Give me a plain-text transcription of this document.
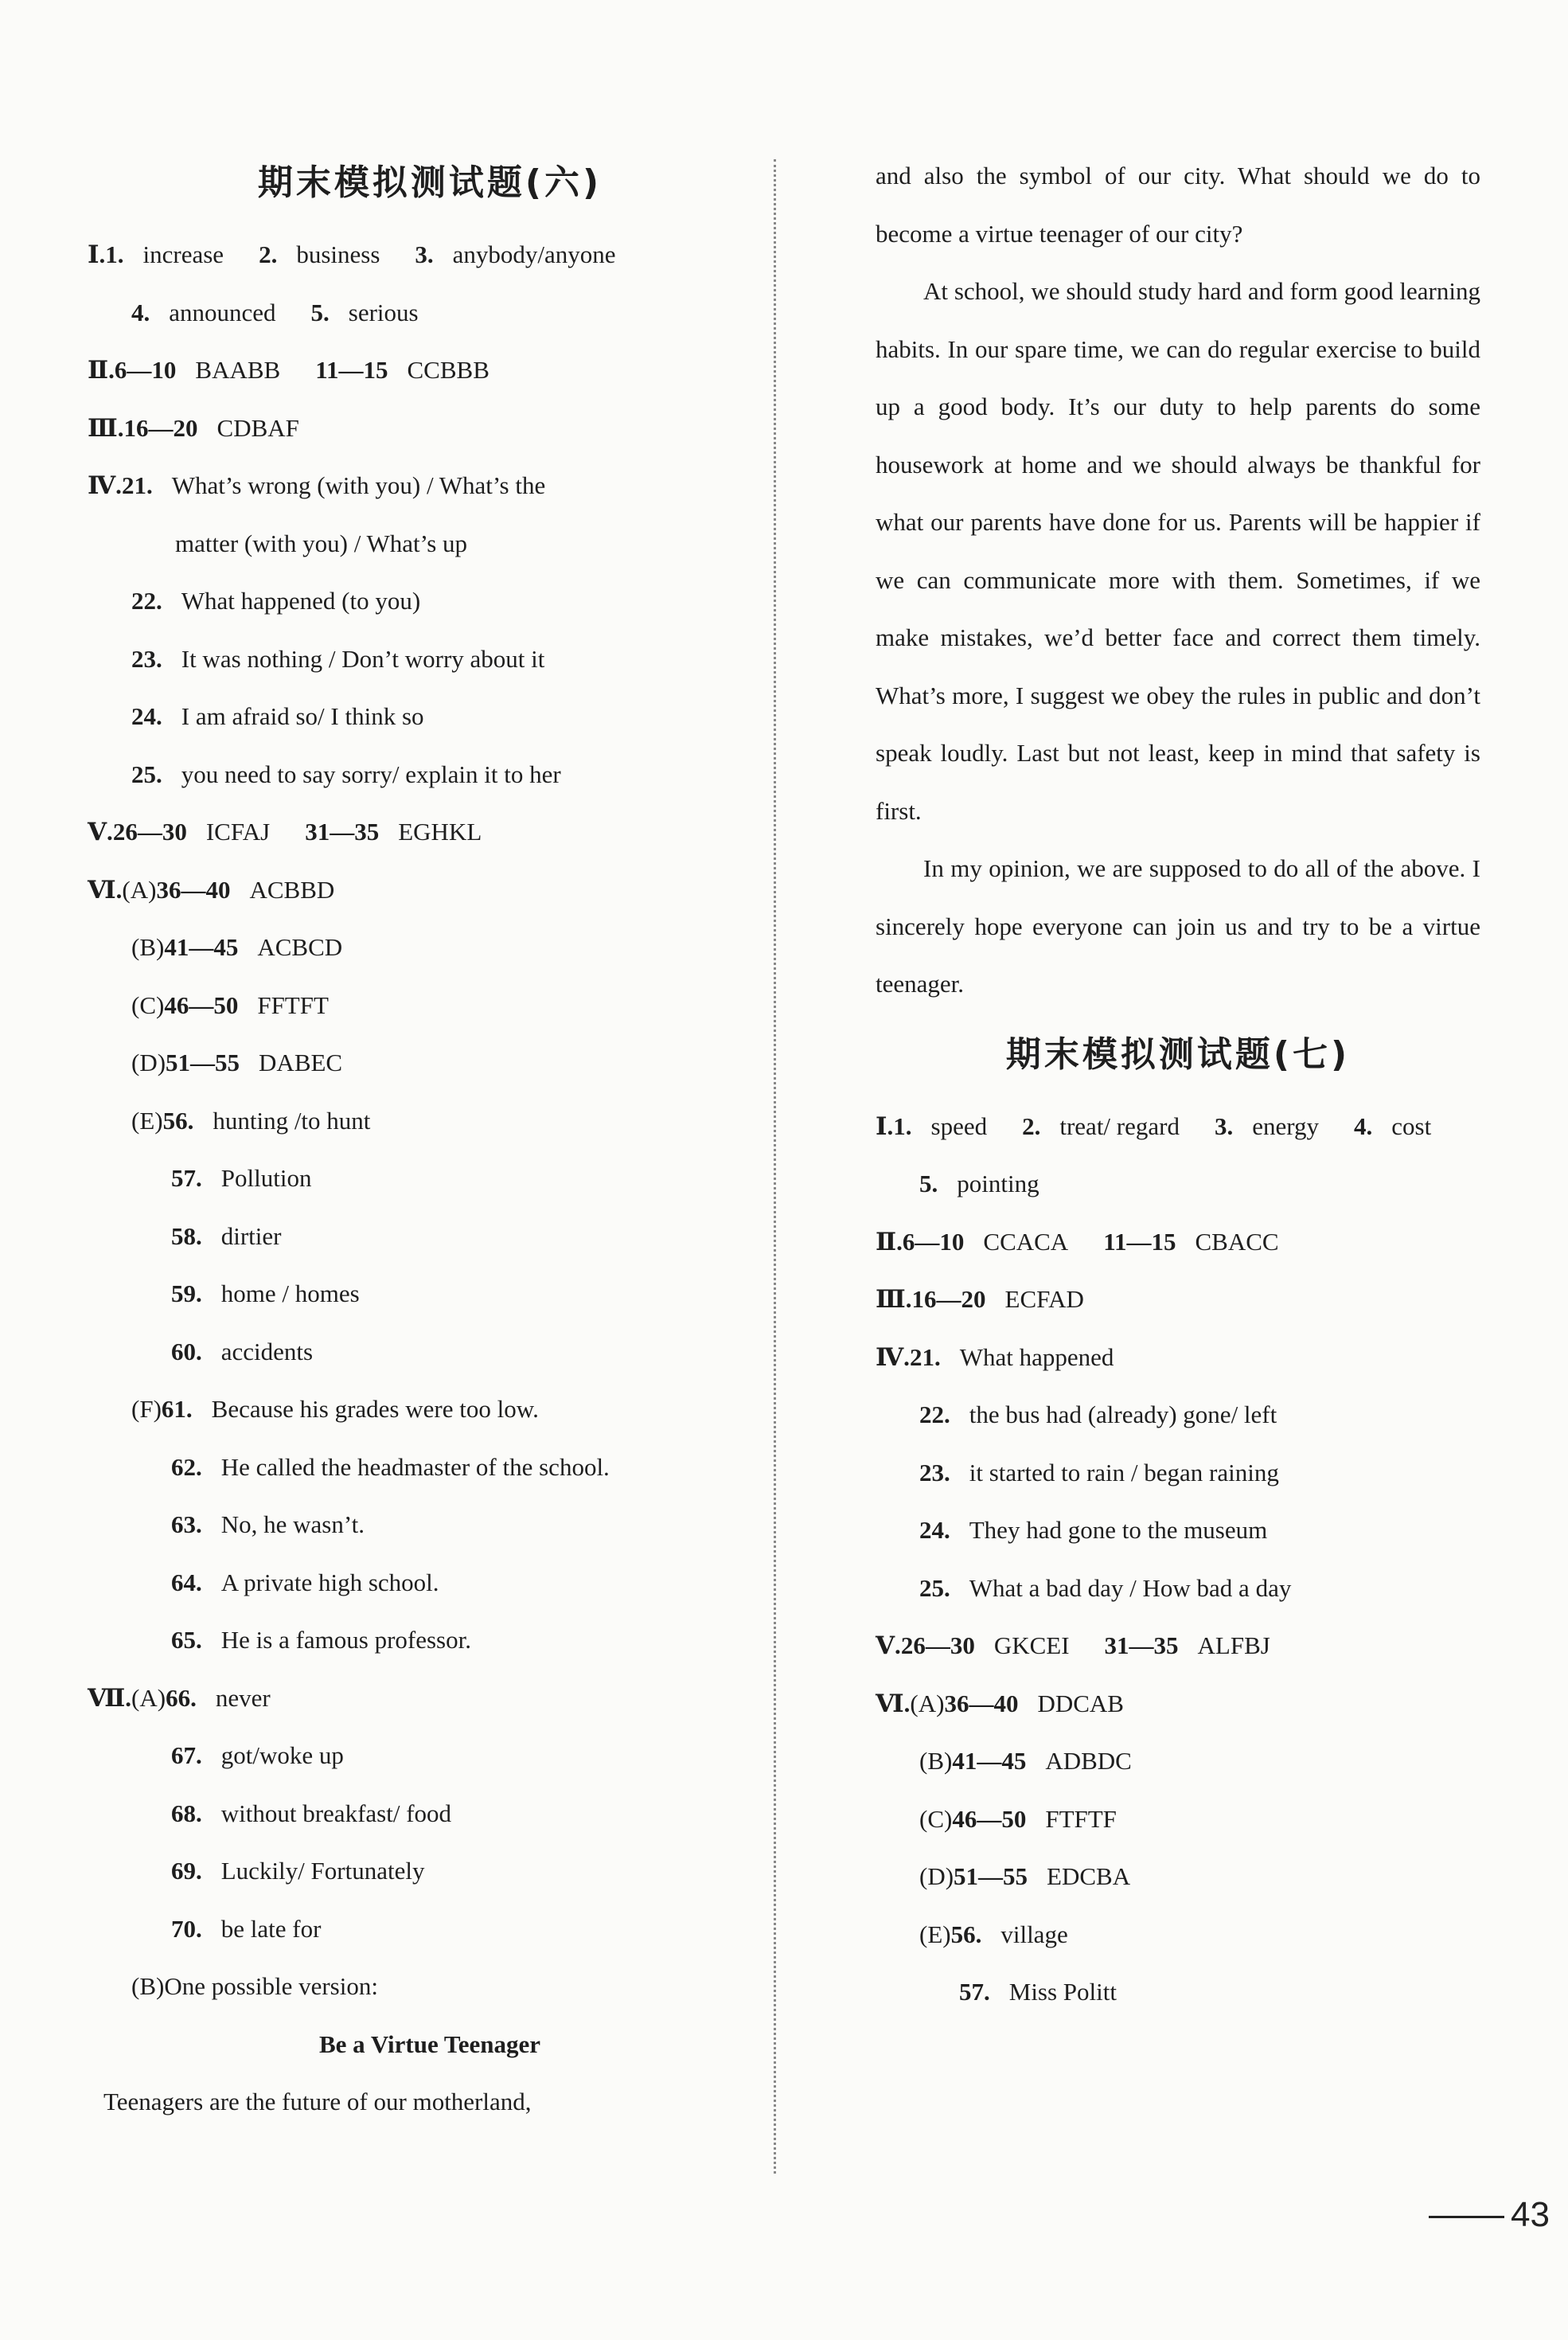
期末模拟测试题(六)
Ⅰ.1. increase 2. business 3. anybody/anyone
4. announced 5. serious
Ⅱ.6—10 BAABB 11—15 CCBBB
Ⅲ.16—20 CDBAF
Ⅳ.21. What’s wrong (with you) / What’s the
matter (with you) / What’s up
22. What happened (to you)
23. It was nothing / Don’t worry about it
24. I am afraid so/ I think so
25. you need to say sorry/ explain it to her
Ⅴ.26—30 ICFAJ 31—35 EGHKL
Ⅵ.(A)36—40 ACBBD
(B)41—45 ACBCD
(C)46—50 FFTFT
(D)51—55 DABEC
(E)56. hunting /to hunt
57. Pollution
58. dirtier
59. home / homes
60. accidents
(F)61. Because his grades were too low.
62. He called the headmaster of the school.
63. No, he wasn’t.
64. A private high school.
65. He is a famous professor.
Ⅶ.(A)66. never
67. got/woke up
68. without breakfast/ food
69. Luckily/ Fortunately
70. be late for
(B)One possible version:
Be a Virtue Teenager
Teenagers are the future of our motherland,
and also the symbol of our city. What should we do to become a virtue teenager of our city?
At school, we should study hard and form good learning habits. In our spare time, we can do regular exercise to build up a good body. It’s our duty to help parents do some housework at home and we should always be thankful for what our parents have done for us. Parents will be happier if we can communicate more with them. Sometimes, if we make mistakes, we’d better face and correct them timely. What’s more, I suggest we obey the rules in public and don’t speak loudly. Last but not least, keep in mind that safety is first.
In my opinion, we are supposed to do all of the above. I sincerely hope everyone can join us and try to be a virtue teenager.
期末模拟测试题(七)
Ⅰ.1. speed 2. treat/ regard 3. energy 4. cost
5. pointing
Ⅱ.6—10 CCACA 11—15 CBACC
Ⅲ.16—20 ECFAD
Ⅳ.21. What happened
22. the bus had (already) gone/ left
23. it started to rain / began raining
24. They had gone to the museum
25. What a bad day / How bad a day
Ⅴ.26—30 GKCEI 31—35 ALFBJ
Ⅵ.(A)36—40 DDCAB
(B)41—45 ADBDC
(C)46—50 FTFTF
(D)51—55 EDCBA
(E)56. village
57. Miss Politt
43
